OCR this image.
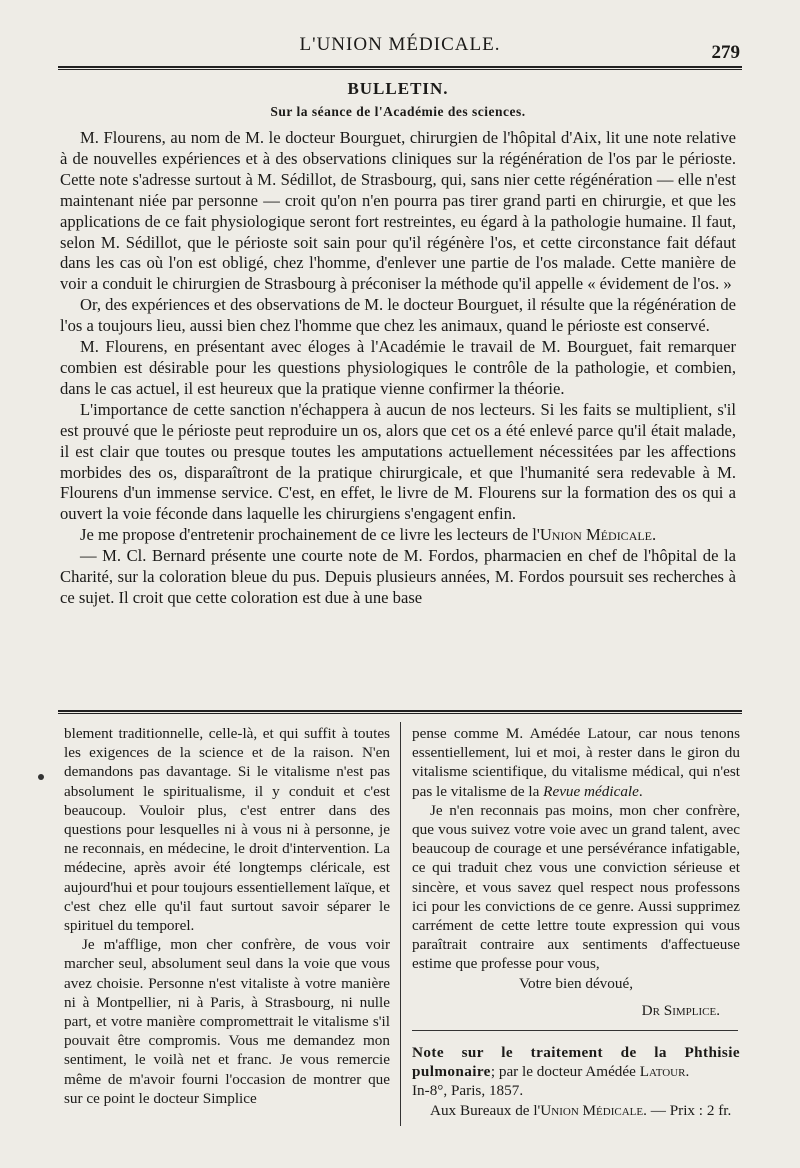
L'UNION MÉDICALE.	279
BULLETIN.
Sur la séance de l'Académie des sciences.

M. Flourens, au nom de M. le docteur Bourguet, chirurgien de l'hôpital d'Aix, lit une note relative à de nouvelles expériences et à des observations cliniques sur la régénération de l'os par le périoste. Cette note s'adresse surtout à M. Sédillot, de Strasbourg, qui, sans nier cette régénération — elle n'est maintenant niée par personne — croit qu'on n'en pourra pas tirer grand parti en chirurgie, et que les applications de ce fait physiologique seront fort restreintes, eu égard à la pathologie humaine. Il faut, selon M. Sédillot, que le périoste soit sain pour qu'il régénère l'os, et cette circonstance fait défaut dans les cas où l'on est obligé, chez l'homme, d'enlever une partie de l'os malade. Cette manière de voir a conduit le chirurgien de Strasbourg à préconiser la méthode qu'il appelle « évidement de l'os. »

Or, des expériences et des observations de M. le docteur Bourguet, il résulte que la régénération de l'os a toujours lieu, aussi bien chez l'homme que chez les animaux, quand le périoste est conservé.

M. Flourens, en présentant avec éloges à l'Académie le travail de M. Bourguet, fait remarquer combien est désirable pour les questions physiologiques le contrôle de la pathologie, et combien, dans le cas actuel, il est heureux que la pratique vienne confirmer la théorie.

L'importance de cette sanction n'échappera à aucun de nos lecteurs. Si les faits se multiplient, s'il est prouvé que le périoste peut reproduire un os, alors que cet os a été enlevé parce qu'il était malade, il est clair que toutes ou presque toutes les amputations actuellement nécessitées par les affections morbides des os, disparaîtront de la pratique chirurgicale, et que l'humanité sera redevable à M. Flourens d'un immense service. C'est, en effet, le livre de M. Flourens sur la formation des os qui a ouvert la voie féconde dans laquelle les chirurgiens s'engagent enfin.

Je me propose d'entretenir prochainement de ce livre les lecteurs de l'Union Médicale.

— M. Cl. Bernard présente une courte note de M. Fordos, pharmacien en chef de l'hôpital de la Charité, sur la coloration bleue du pus. Depuis plusieurs années, M. Fordos poursuit ses recherches à ce sujet. Il croit que cette coloration est due à une base

blement traditionnelle, celle-là, et qui suffit à toutes les exigences de la science et de la raison. N'en demandons pas davantage. Si le vitalisme n'est pas absolument le spiritualisme, il y conduit et c'est beaucoup. Vouloir plus, c'est entrer dans des questions pour lesquelles ni à vous ni à personne, je ne reconnais, en médecine, le droit d'intervention. La médecine, après avoir été longtemps cléricale, est aujourd'hui et pour toujours essentiellement laïque, et c'est chez elle qu'il faut surtout savoir séparer le spirituel du temporel.

Je m'afflige, mon cher confrère, de vous voir marcher seul, absolument seul dans la voie que vous avez choisie. Personne n'est vitaliste à votre manière ni à Montpellier, ni à Paris, à Strasbourg, ni nulle part, et votre manière compromettrait le vitalisme s'il pouvait être compromis. Vous me demandez mon sentiment, le voilà net et franc. Je vous remercie même de m'avoir fourni l'occasion de montrer que sur ce point le docteur Simplice

pense comme M. Amédée Latour, car nous tenons essentiellement, lui et moi, à rester dans le giron du vitalisme scientifique, du vitalisme médical, qui n'est pas le vitalisme de la Revue médicale.

Je n'en reconnais pas moins, mon cher confrère, que vous suivez votre voie avec un grand talent, avec beaucoup de courage et une persévérance infatigable, ce qui traduit chez vous une conviction sérieuse et sincère, et vous savez quel respect nous professons ici pour les convictions de ce genre. Aussi supprimez carrément de cette lettre toute expression qui vous paraîtrait contraire aux sentiments d'affectueuse estime que professe pour vous,

Votre bien dévoué,

Dr Simplice.

Note sur le traitement de la Phthisie pulmonaire; par le docteur Amédée Latour.

In-8°, Paris, 1857.

Aux Bureaux de l'Union Médicale. — Prix : 2 fr.
